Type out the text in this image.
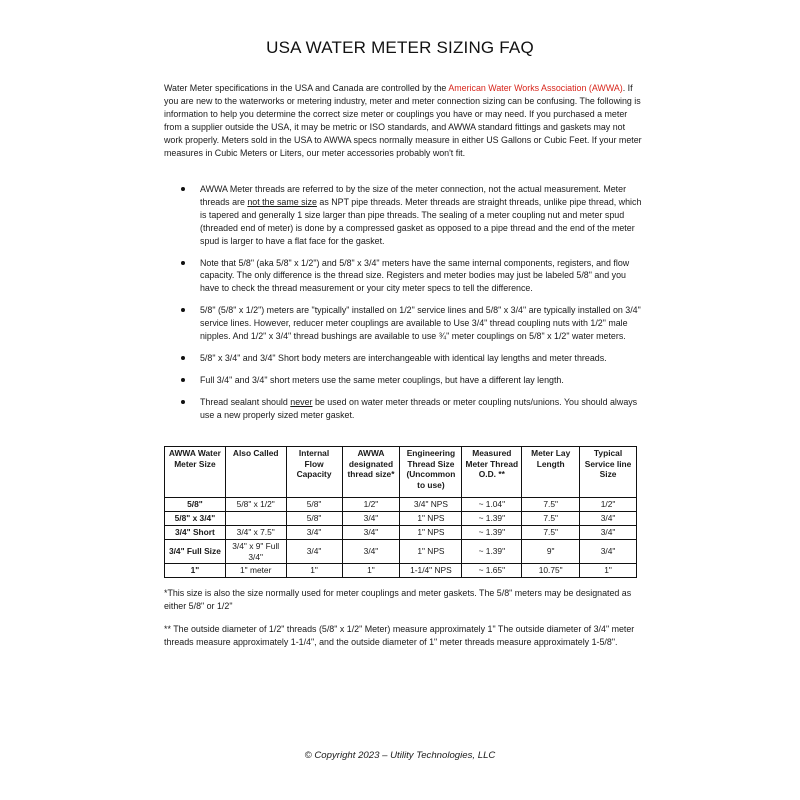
USA WATER METER SIZING FAQ

Water Meter specifications in the USA and Canada are controlled by the American Water Works Association (AWWA). If you are new to the waterworks or metering industry, meter and meter connection sizing can be confusing. The following is information to help you determine the correct size meter or couplings you have or may need. If you purchased a meter from a supplier outside the USA, it may be metric or ISO standards, and AWWA standard fittings and gaskets may not work properly. Meters sold in the USA to AWWA specs normally measure in either US Gallons or Cubic Feet. If your meter measures in Cubic Meters or Liters, our meter accessories probably won't fit.

AWWA Meter threads are referred to by the size of the meter connection, not the actual measurement. Meter threads are not the same size as NPT pipe threads. Meter threads are straight threads, unlike pipe thread, which is tapered and generally 1 size larger than pipe threads. The sealing of a meter coupling nut and meter spud (threaded end of meter) is done by a compressed gasket as opposed to a pipe thread and the end of the meter spud is larger to have a flat face for the gasket.
Note that 5/8" (aka 5/8" x 1/2") and 5/8" x 3/4" meters have the same internal components, registers, and flow capacity. The only difference is the thread size. Registers and meter bodies may just be labeled 5/8" and you have to check the thread measurement or your city meter specs to tell the difference.
5/8" (5/8" x 1/2") meters are "typically" installed on 1/2" service lines and 5/8" x 3/4" are typically installed on 3/4" service lines. However, reducer meter couplings are available to Use 3/4" thread coupling nuts with 1/2" male nipples. And 1/2" x 3/4" thread bushings are available to use ¾" meter couplings on 5/8" x 1/2" water meters.
5/8" x 3/4" and 3/4" Short body meters are interchangeable with identical lay lengths and meter threads.
Full 3/4" and 3/4" short meters use the same meter couplings, but have a different lay length.
Thread sealant should never be used on water meter threads or meter coupling nuts/unions. You should always use a new properly sized meter gasket.
AWWA Water Meter Size	Also Called	Internal Flow Capacity	AWWA designated thread size*	Engineering Thread Size (Uncommon to use)	Measured Meter Thread O.D. **	Meter Lay Length	Typical Service line Size
5/8"	5/8" x 1/2"	5/8"	1/2"	3/4" NPS	~ 1.04"	7.5"	1/2"
5/8" x 3/4"		5/8"	3/4"	1" NPS	~ 1.39"	7.5"	3/4"
3/4" Short	3/4" x 7.5"	3/4"	3/4"	1" NPS	~ 1.39"	7.5"	3/4"
3/4" Full Size	3/4" x 9" Full 3/4"	3/4"	3/4"	1" NPS	~ 1.39"	9"	3/4"
1"	1" meter	1"	1"	1-1/4" NPS	~ 1.65"	10.75"	1"

*This size is also the size normally used for meter couplings and meter gaskets. The 5/8" meters may be designated as either 5/8" or 1/2"

** The outside diameter of 1/2" threads (5/8" x 1/2" Meter) measure approximately 1" The outside diameter of 3/4" meter threads measure approximately 1-1/4", and the outside diameter of 1" meter threads measure approximately 1-5/8".

© Copyright 2023 – Utility Technologies, LLC
